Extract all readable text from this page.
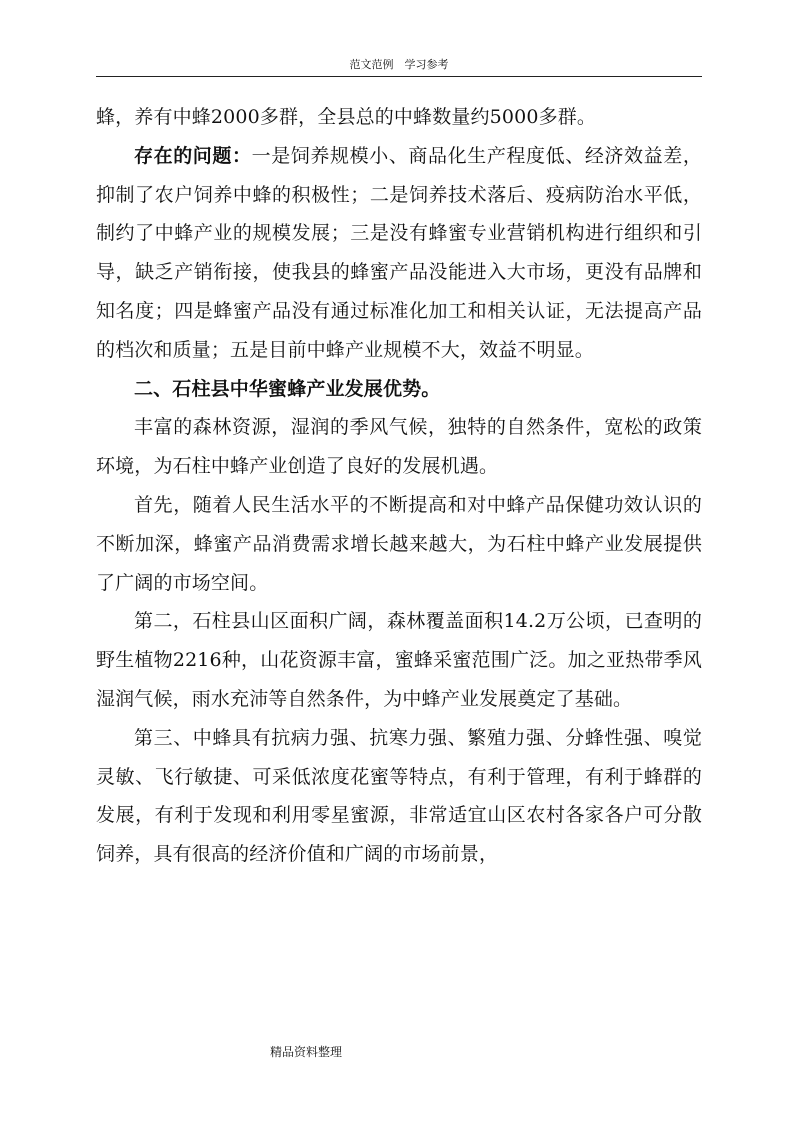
范文范例　学习参考

蜂，养有中蜂2000多群，全县总的中蜂数量约5000多群。

存在的问题：一是饲养规模小、商品化生产程度低、经济效益差，抑制了农户饲养中蜂的积极性；二是饲养技术落后、疫病防治水平低，制约了中蜂产业的规模发展；三是没有蜂蜜专业营销机构进行组织和引导，缺乏产销衔接，使我县的蜂蜜产品没能进入大市场，更没有品牌和知名度；四是蜂蜜产品没有通过标准化加工和相关认证，无法提高产品的档次和质量；五是目前中蜂产业规模不大，效益不明显。

二、石柱县中华蜜蜂产业发展优势。

丰富的森林资源，湿润的季风气候，独特的自然条件，宽松的政策环境，为石柱中蜂产业创造了良好的发展机遇。

首先，随着人民生活水平的不断提高和对中蜂产品保健功效认识的不断加深，蜂蜜产品消费需求增长越来越大，为石柱中蜂产业发展提供了广阔的市场空间。

第二，石柱县山区面积广阔，森林覆盖面积14.2万公顷，已查明的野生植物2216种，山花资源丰富，蜜蜂采蜜范围广泛。加之亚热带季风湿润气候，雨水充沛等自然条件，为中蜂产业发展奠定了基础。

第三、中蜂具有抗病力强、抗寒力强、繁殖力强、分蜂性强、嗅觉灵敏、飞行敏捷、可采低浓度花蜜等特点，有利于管理，有利于蜂群的发展，有利于发现和利用零星蜜源，非常适宜山区农村各家各户可分散饲养，具有很高的经济价值和广阔的市场前景，

精品资料整理
